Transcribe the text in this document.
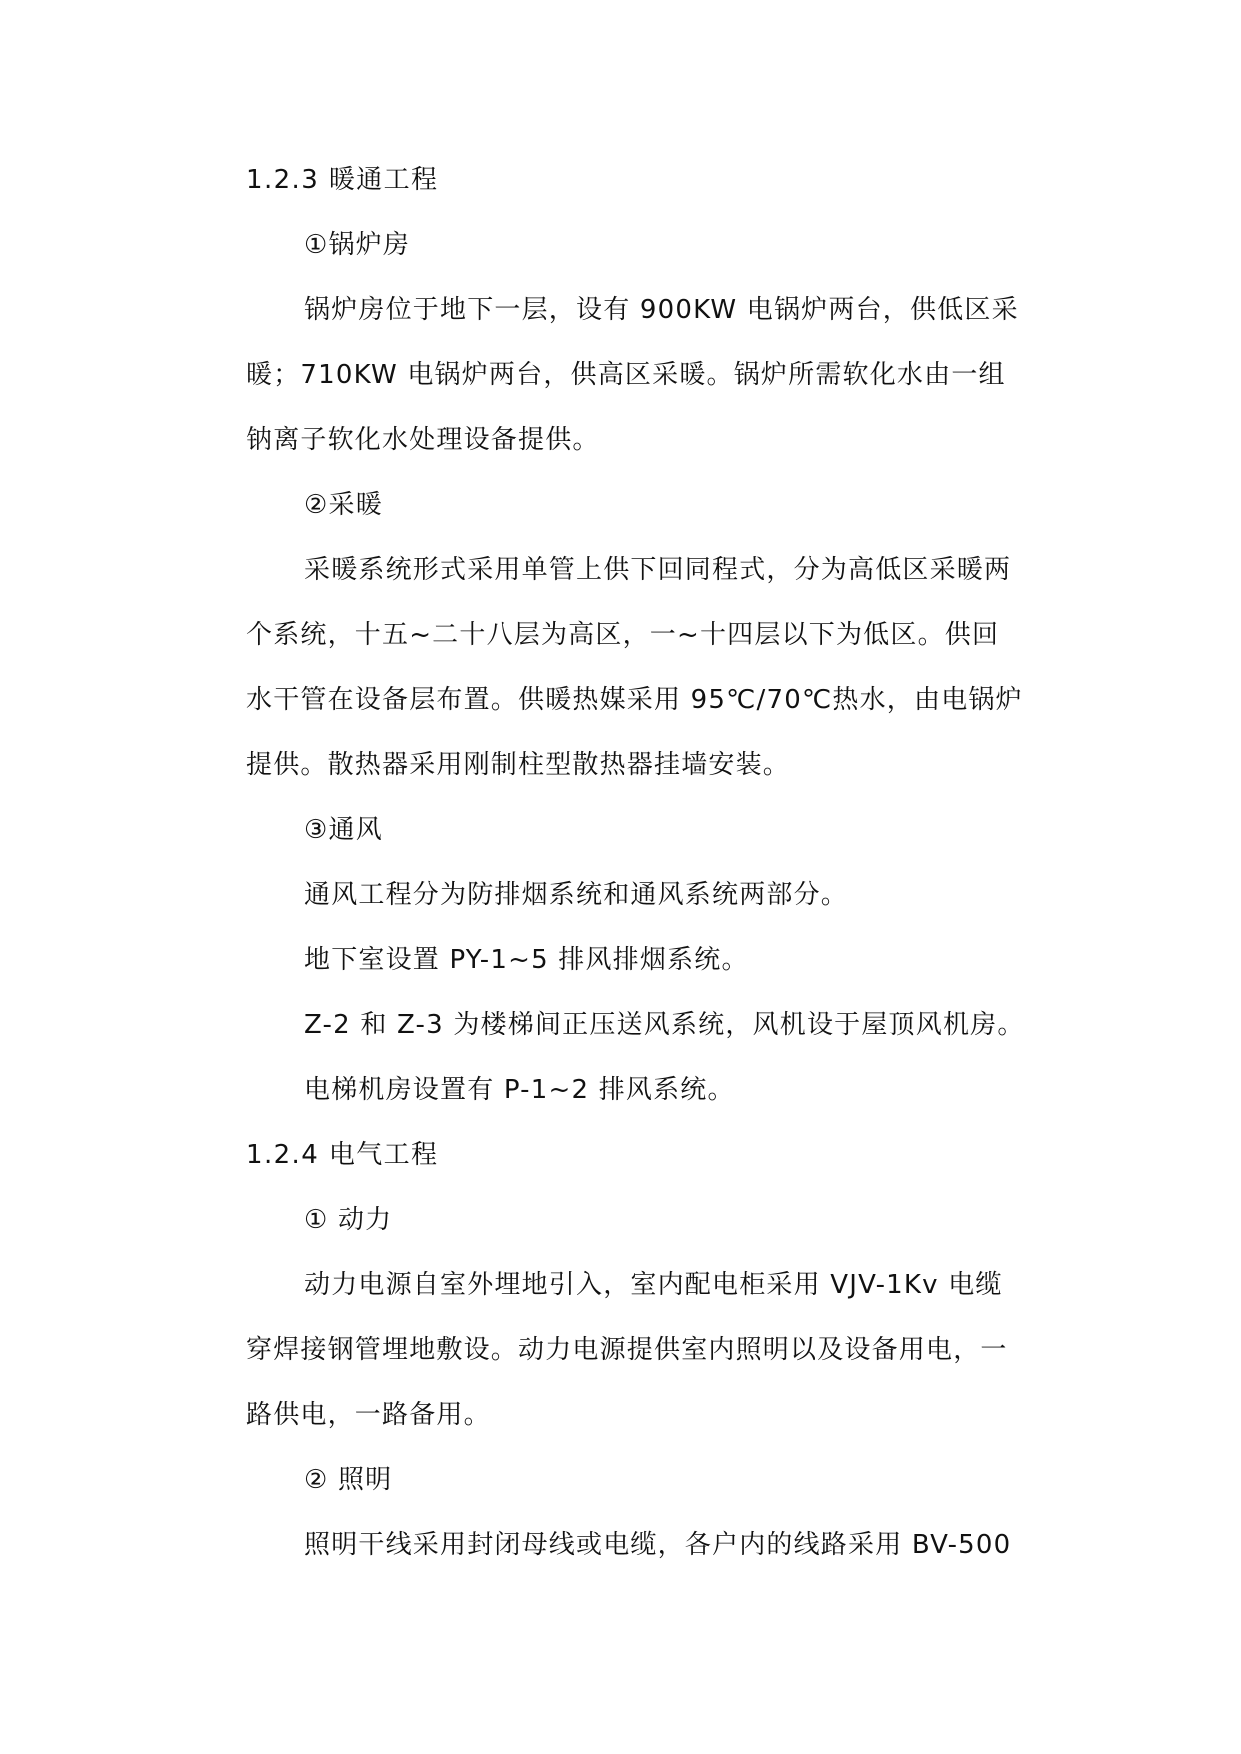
1.2.3 暖通工程
①锅炉房
锅炉房位于地下一层，设有 900KW 电锅炉两台，供低区采
暖；710KW 电锅炉两台，供高区采暖。锅炉所需软化水由一组
钠离子软化水处理设备提供。
②采暖
采暖系统形式采用单管上供下回同程式，分为高低区采暖两
个系统，十五~二十八层为高区，一~十四层以下为低区。供回
水干管在设备层布置。供暖热媒采用 95℃/70℃热水，由电锅炉
提供。散热器采用刚制柱型散热器挂墙安装。
③通风
通风工程分为防排烟系统和通风系统两部分。
地下室设置 PY-1~5 排风排烟系统。
Z-2 和 Z-3 为楼梯间正压送风系统，风机设于屋顶风机房。
电梯机房设置有 P-1~2 排风系统。
1.2.4 电气工程
① 动力
动力电源自室外埋地引入，室内配电柜采用 VJV-1Kv 电缆
穿焊接钢管埋地敷设。动力电源提供室内照明以及设备用电，一
路供电，一路备用。
② 照明
照明干线采用封闭母线或电缆，各户内的线路采用 BV-500
